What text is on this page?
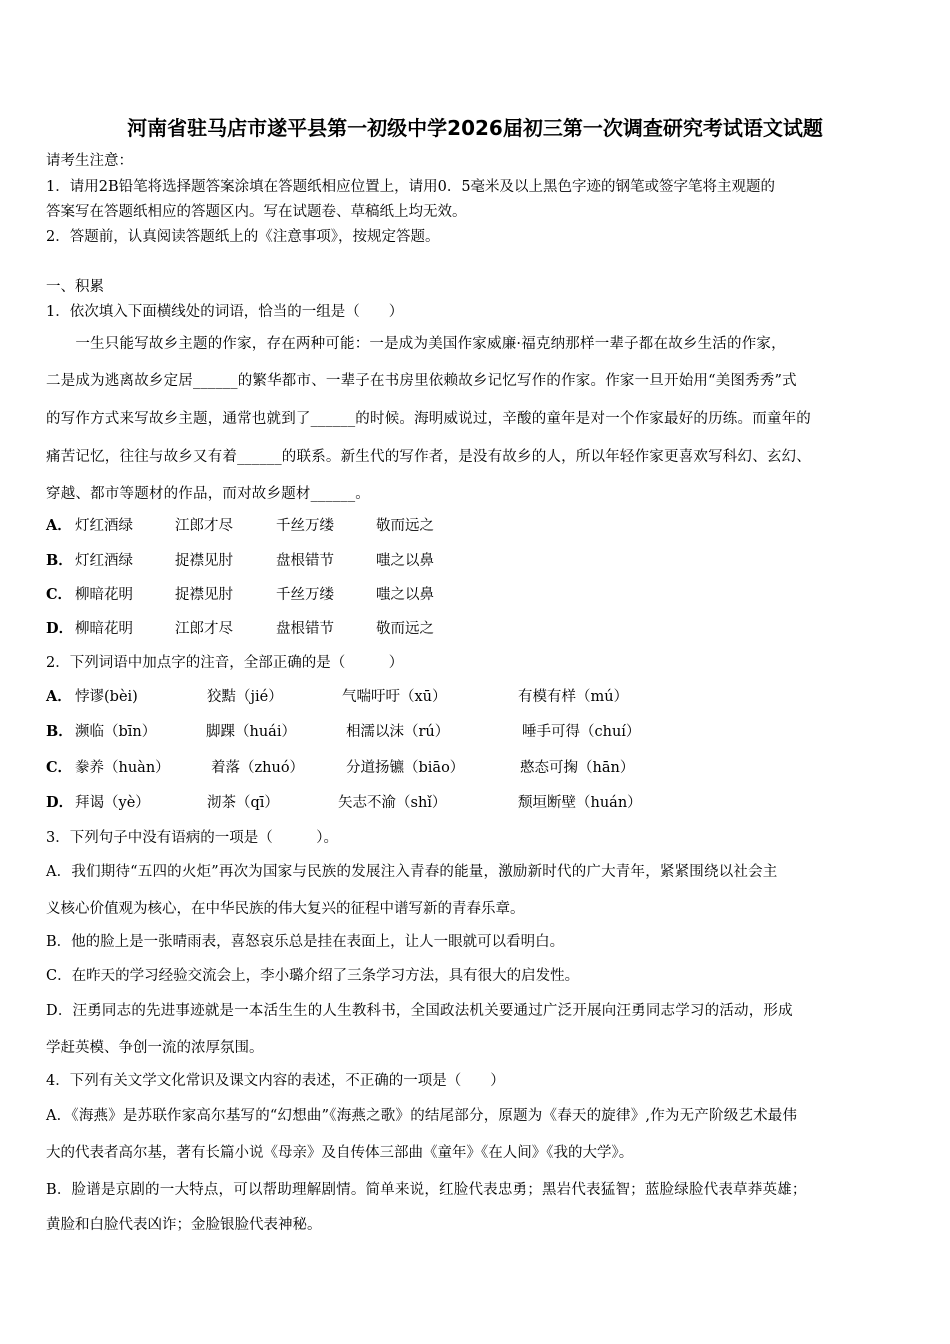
河南省驻马店市遂平县第一初级中学2026届初三第一次调查研究考试语文试题
请考生注意：
1．请用2B铅笔将选择题答案涂填在答题纸相应位置上，请用0．5毫米及以上黑色字迹的钢笔或签字笔将主观题的
答案写在答题纸相应的答题区内。写在试题卷、草稿纸上均无效。
2．答题前，认真阅读答题纸上的《注意事项》，按规定答题。
一、积累
1．依次填入下面横线处的词语，恰当的一组是（　　）
　　一生只能写故乡主题的作家，存在两种可能：一是成为美国作家威廉·福克纳那样一辈子都在故乡生活的作家，
二是成为逃离故乡定居______的繁华都市、一辈子在书房里依赖故乡记忆写作的作家。作家一旦开始用“美图秀秀”式
的写作方式来写故乡主题，通常也就到了______的时候。海明威说过，辛酸的童年是对一个作家最好的历练。而童年的
痛苦记忆，往往与故乡又有着______的联系。新生代的写作者，是没有故乡的人，所以年轻作家更喜欢写科幻、玄幻、
穿越、都市等题材的作品，而对故乡题材______。
A． 灯红酒绿	江郎才尽	千丝万缕	敬而远之
B． 灯红酒绿	捉襟见肘	盘根错节	嗤之以鼻
C． 柳暗花明	捉襟见肘	千丝万缕	嗤之以鼻
D． 柳暗花明	江郎才尽	盘根错节	敬而远之
2．下列词语中加点字的注音，全部正确的是（　　　）
A． 悖谬(bèi)	狡黠（jié）	气喘吁吁（xū）	有模有样（mú）
B． 濒临（bīn）	脚踝（huái）	相濡以沫（rú）	唾手可得（chuí）
C． 豢养（huàn）	着落（zhuó）	分道扬镳（biāo）	憨态可掬（hān）
D． 拜谒（yè）	沏茶（qī）	矢志不渝（shǐ）	颓垣断壁（huán）
3．下列句子中没有语病的一项是（　　　）。
A．我们期待“五四的火炬”再次为国家与民族的发展注入青春的能量，激励新时代的广大青年，紧紧围绕以社会主
义核心价值观为核心，在中华民族的伟大复兴的征程中谱写新的青春乐章。
B．他的脸上是一张晴雨表，喜怒哀乐总是挂在表面上，让人一眼就可以看明白。
C．在昨天的学习经验交流会上，李小璐介绍了三条学习方法，具有很大的启发性。
D．汪勇同志的先进事迹就是一本活生生的人生教科书，全国政法机关要通过广泛开展向汪勇同志学习的活动，形成
学赶英模、争创一流的浓厚氛围。
4．下列有关文学文化常识及课文内容的表述，不正确的一项是（　　）
A．《海燕》是苏联作家高尔基写的“幻想曲”《海燕之歌》的结尾部分，原题为《春天的旋律》,作为无产阶级艺术最伟
大的代表者高尔基，著有长篇小说《母亲》及自传体三部曲《童年》《在人间》《我的大学》。
B．脸谱是京剧的一大特点，可以帮助理解剧情。简单来说，红脸代表忠勇；黑岩代表猛智；蓝脸绿脸代表草莽英雄；
黄脸和白脸代表凶诈；金脸银脸代表神秘。
